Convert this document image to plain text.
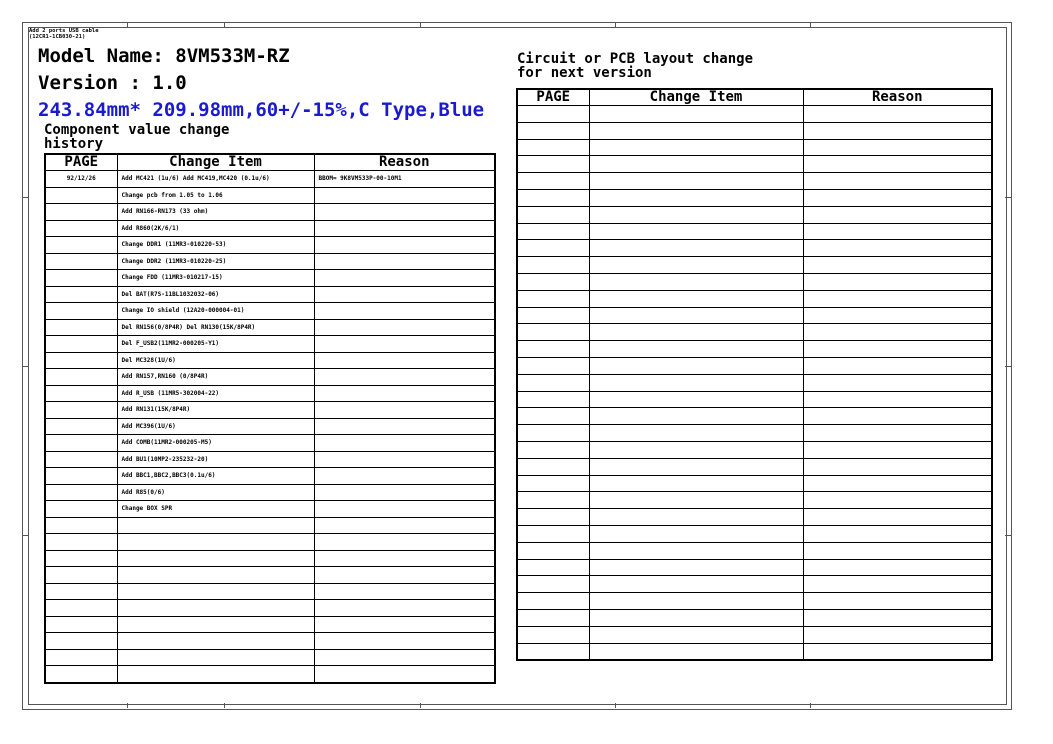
Add 2 ports USB cable
(12CR1-1CB030-21)
Model Name: 8VM533M-RZ
Version : 1.0
243.84mm* 209.98mm,60+/-15%,C Type,Blue
Component value change
history
Circuit or PCB layout change
for next version
PAGE	Change Item	Reason
92/12/26	Add MC421 (1u/6) Add MC419,MC420 (0.1u/6)	BBOM= 9K8VM533P-00-10M1
	Change pcb from 1.05 to 1.06	
	Add RN166-RN173 (33 ohm)	
	Add R860(2K/6/1)	
	Change DDR1 (11MR3-010220-53)	
	Change DDR2 (11MR3-010220-25)	
	Change FDD (11MR3-010217-15)	
	Del BAT(R7S-11BL1032032-06)	
	Change IO shield (12A20-000004-01)	
	Del RN156(0/8P4R) Del RN130(15K/8P4R)	
	Del F_USB2(11MR2-000205-Y1)	
	Del MC328(1U/6)	
	Add RN157,RN160 (0/8P4R)	
	Add R_USB (11MR5-302004-22)	
	Add RN131(15K/8P4R)	
	Add MC396(1U/6)	
	Add COMB(11MR2-000205-M5)	
	Add BU1(10MP2-235232-20)	
	Add BBC1,BBC2,BBC3(0.1u/6)	
	Add R85(0/6)	
	Change BOX SPR	

PAGE	Change Item	Reason
